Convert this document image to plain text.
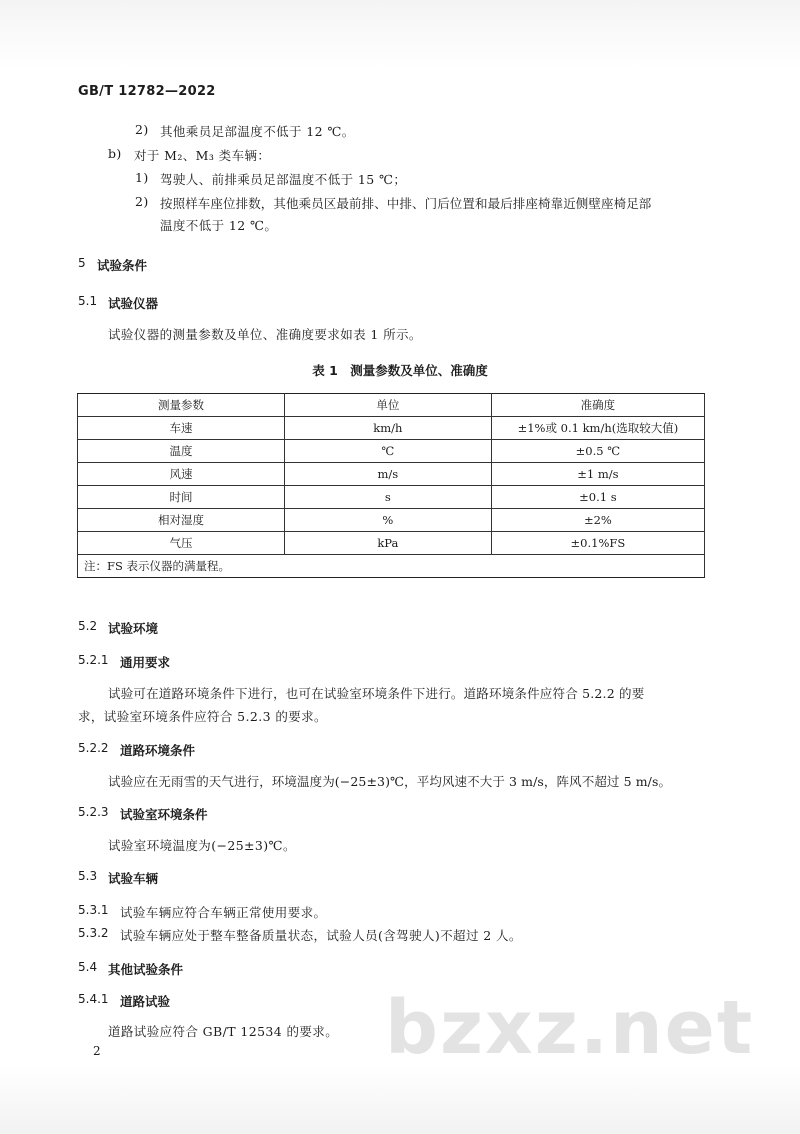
GB/T 12782—2022
2) 其他乘员足部温度不低于 12 ℃。
b) 对于 M₂、M₃ 类车辆：
1) 驾驶人、前排乘员足部温度不低于 15 ℃；
2) 按照样车座位排数，其他乘员区最前排、中排、门后位置和最后排座椅靠近侧壁座椅足部
温度不低于 12 ℃。
5 试验条件
5.1 试验仪器
试验仪器的测量参数及单位、准确度要求如表 1 所示。
表 1　测量参数及单位、准确度
测量参数	单位	准确度
车速	km/h	±1%或 0.1 km/h(选取较大值)
温度	℃	±0.5 ℃
风速	m/s	±1 m/s
时间	s	±0.1 s
相对湿度	%	±2%
气压	kPa	±0.1%FS
注：FS 表示仪器的满量程。		
5.2 试验环境
5.2.1 通用要求
试验可在道路环境条件下进行，也可在试验室环境条件下进行。道路环境条件应符合 5.2.2 的要
求，试验室环境条件应符合 5.2.3 的要求。
5.2.2 道路环境条件
试验应在无雨雪的天气进行，环境温度为(−25±3)℃，平均风速不大于 3 m/s，阵风不超过 5 m/s。
5.2.3 试验室环境条件
试验室环境温度为(−25±3)℃。
5.3 试验车辆
5.3.1 试验车辆应符合车辆正常使用要求。
5.3.2 试验车辆应处于整车整备质量状态，试验人员(含驾驶人)不超过 2 人。
5.4 其他试验条件
5.4.1 道路试验
道路试验应符合 GB/T 12534 的要求。 bzxz.net
2
